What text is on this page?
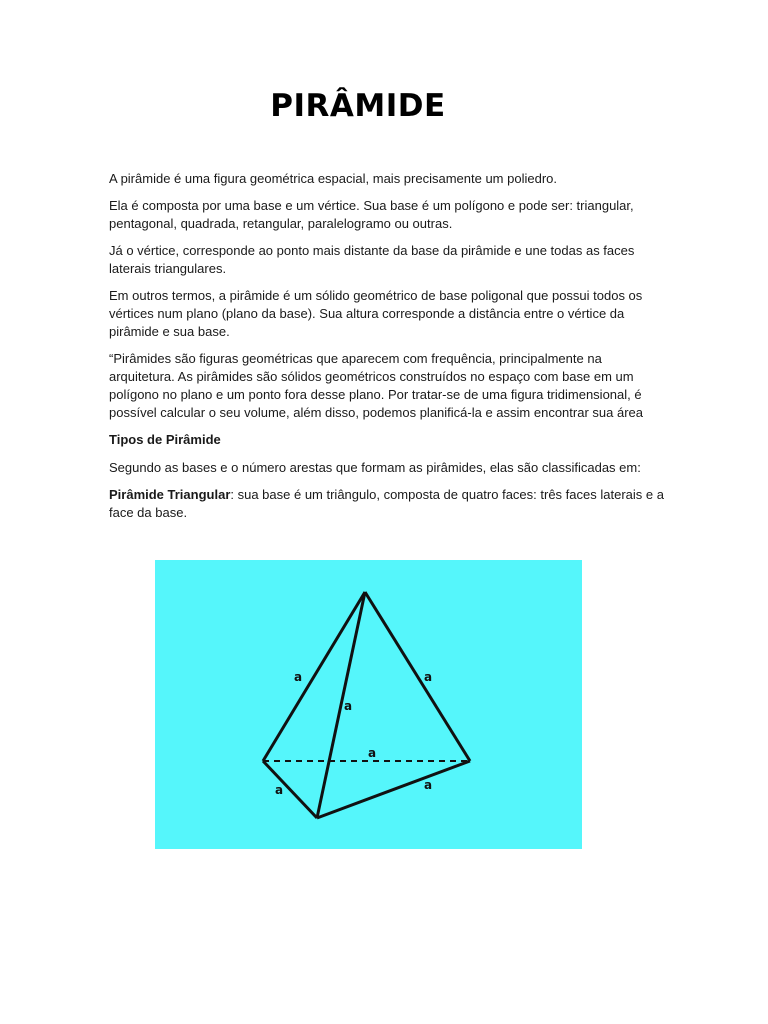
PIRÂMIDE

A pirâmide é uma figura geométrica espacial, mais precisamente um poliedro.

Ela é composta por uma base e um vértice. Sua base é um polígono e pode ser: triangular, pentagonal, quadrada, retangular, paralelogramo ou outras.

Já o vértice, corresponde ao ponto mais distante da base da pirâmide e une todas as faces laterais triangulares.

Em outros termos, a pirâmide é um sólido geométrico de base poligonal que possui todos os vértices num plano (plano da base). Sua altura corresponde a distância entre o vértice da pirâmide e sua base.

“Pirâmides são figuras geométricas que aparecem com frequência, principalmente na arquitetura. As pirâmides são sólidos geométricos construídos no espaço com base em um polígono no plano e um ponto fora desse plano. Por tratar-se de uma figura tridimensional, é possível calcular o seu volume, além disso, podemos planificá-la e assim encontrar sua área

Tipos de Pirâmide

Segundo as bases e o número arestas que formam as pirâmides, elas são classificadas em:

Pirâmide Triangular: sua base é um triângulo, composta de quatro faces: três faces laterais e a face da base.

a
a
a
a
a	a
